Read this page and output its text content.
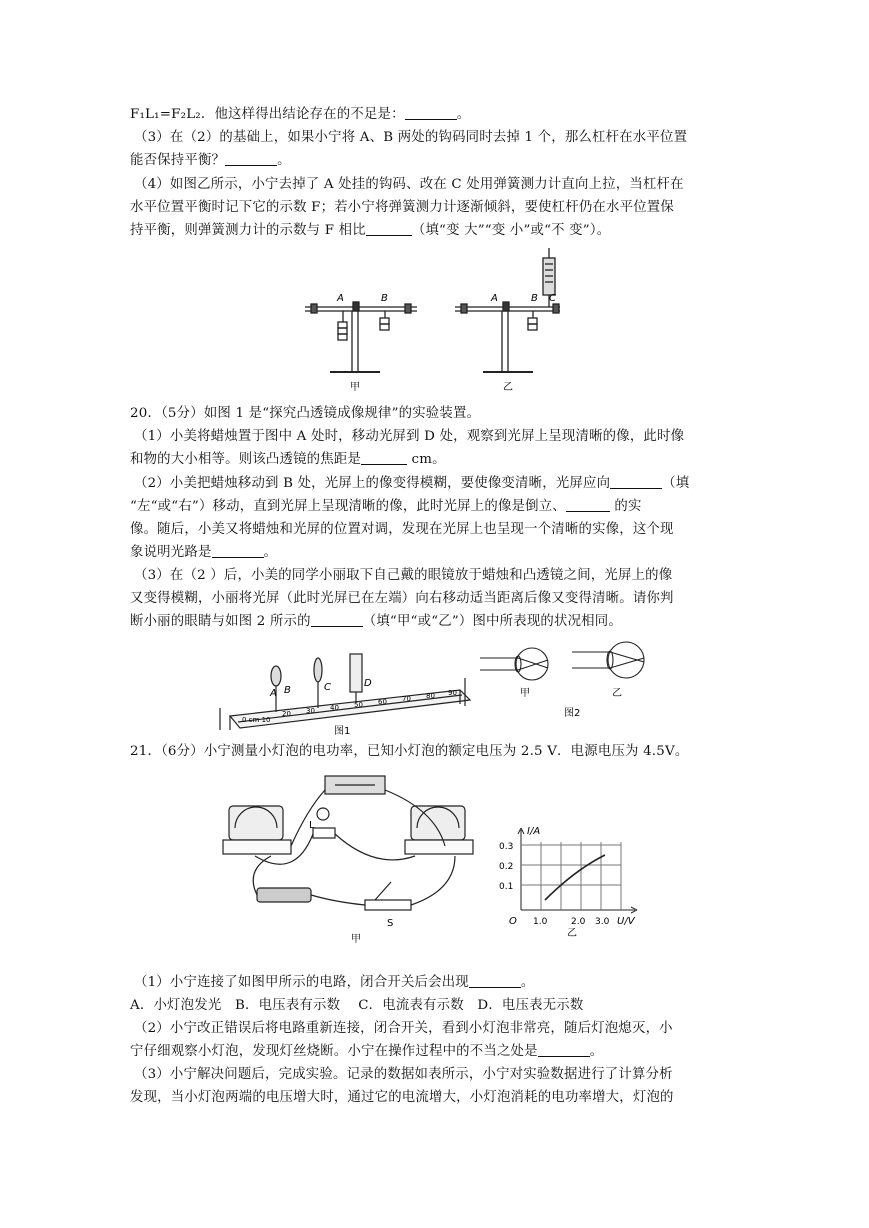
F₁L₁=F₂L₂．他这样得出结论存在的不足是：	。
（3）在（2）的基础上，如果小宁将 A、B 两处的钩码同时去掉 1 个，那么杠杆在水平位置
能否保持平衡？	。
（4）如图乙所示，小宁去掉了 A 处挂的钩码、改在 C 处用弹簧测力计直向上拉，当杠杆在
水平位置平衡时记下它的示数 F；若小宁将弹簧测力计逐渐倾斜，要使杠杆仍在水平位置保
持平衡，则弹簧测力计的示数与 F 相比	（填“变 大”“变 小”或“不 变”）。
A	B
甲
A	B C
乙
20．（5分）如图 1 是“探究凸透镜成像规律”的实验装置。
（1）小美将蜡烛置于图中 A 处时，移动光屏到 D 处，观察到光屏上呈现清晰的像，此时像
和物的大小相等。则该凸透镜的焦距是	cm。
（2）小美把蜡烛移动到 B 处，光屏上的像变得模糊，要使像变清晰，光屏应向	（填
“左“或“右”）移动，直到光屏上呈现清晰的像，此时光屏上的像是倒立、	的实
像。随后，小美又将蜡烛和光屏的位置对调，发现在光屏上也呈现一个清晰的实像，这个现
象说明光路是	。
（3）在（2 ）后，小美的同学小丽取下自己戴的眼镜放于蜡烛和凸透镜之间，光屏上的像
又变得模糊，小丽将光屏（此时光屏已在左端）向右移动适当距离后像又变得清晰。请你判
断小丽的眼睛与如图 2 所示的	（填“甲“或“乙”）图中所表现的状况相同。
A B	C	D
0 cm 10
20 30 40 50 60 70 80 90
图1
甲	乙
图2
21．（6分）小宁测量小灯泡的电功率，已知小灯泡的额定电压为 2.5 V．电源电压为 4.5V。
L
S
甲
I/A
0.3
0.2
0.1
O 1.0	2.0 3.0 U/V
乙
（1）小宁连接了如图甲所示的电路，闭合开关后会出现	。
A．小灯泡发光　B．电压表有示数　 C．电流表有示数　D．电压表无示数
（2）小宁改正错误后将电路重新连接，闭合开关，看到小灯泡非常亮，随后灯泡熄灭，小
宁仔细观察小灯泡，发现灯丝烧断。小宁在操作过程中的不当之处是	。
（3）小宁解决问题后，完成实验。记录的数据如表所示，小宁对实验数据进行了计算分析
发现，当小灯泡两端的电压增大时，通过它的电流增大，小灯泡消耗的电功率增大，灯泡的
